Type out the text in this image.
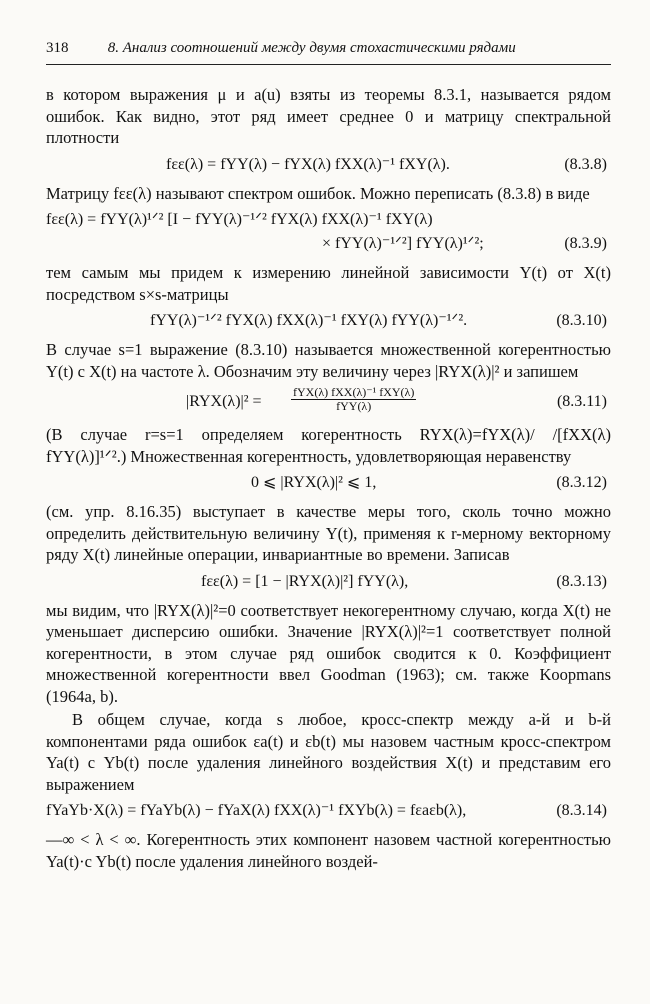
318	8. Анализ соотношений между двумя стохастическими рядами

в котором выражения μ и a(u) взяты из теоремы 8.3.1, называется рядом ошибок. Как видно, этот ряд имеет среднее 0 и матрицу спектральной плотности

fεε(λ) = fYY(λ) − fYX(λ) fXX(λ)⁻¹ fXY(λ).	(8.3.8)

Матрицу fεε(λ) называют спектром ошибок. Можно переписать (8.3.8) в виде

fεε(λ) = fYY(λ)¹ᐟ² [I − fYY(λ)⁻¹ᐟ² fYX(λ) fXX(λ)⁻¹ fXY(λ)
× fYY(λ)⁻¹ᐟ²] fYY(λ)¹ᐟ²;	(8.3.9)

тем самым мы придем к измерению линейной зависимости Y(t) от X(t) посредством s×s-матрицы

fYY(λ)⁻¹ᐟ² fYX(λ) fXX(λ)⁻¹ fXY(λ) fYY(λ)⁻¹ᐟ².	(8.3.10)

В случае s=1 выражение (8.3.10) называется множественной когерентностью Y(t) с X(t) на частоте λ. Обозначим эту величину через |RYX(λ)|² и запишем

$|RYX(\lambda)|^2 = \frac{\text{fYX(λ) fXX(λ)⁻¹ fXY(λ)}}{\text{fYY(λ)}}$	(8.3.11)

(В случае r=s=1 определяем когерентность RYX(λ)=fYX(λ)/ /[fXX(λ) fYY(λ)]¹ᐟ².) Множественная когерентность, удовлетворяющая неравенству

0 ⩽ |RYX(λ)|² ⩽ 1,	(8.3.12)

(см. упр. 8.16.35) выступает в качестве меры того, сколь точно можно определить действительную величину Y(t), применяя к r-мерному векторному ряду X(t) линейные операции, инвариантные во времени. Записав

fεε(λ) = [1 − |RYX(λ)|²] fYY(λ),	(8.3.13)

мы видим, что |RYX(λ)|²=0 соответствует некогерентному случаю, когда X(t) не уменьшает дисперсию ошибки. Значение |RYX(λ)|²=1 соответствует полной когерентности, в этом случае ряд ошибок сводится к 0. Коэффициент множественной когерентности ввел Goodman (1963); см. также Koopmans (1964a, b).

В общем случае, когда s любое, кросс-спектр между a-й и b-й компонентами ряда ошибок εa(t) и εb(t) мы назовем частным кросс-спектром Ya(t) с Yb(t) после удаления линейного воздействия X(t) и представим его выражением

fYaYb·X(λ) = fYaYb(λ) − fYaX(λ) fXX(λ)⁻¹ fXYb(λ) = fεaεb(λ),	(8.3.14)

—∞ < λ < ∞. Когерентность этих компонент назовем частной когерентностью Ya(t)·c Yb(t) после удаления линейного воздей-
